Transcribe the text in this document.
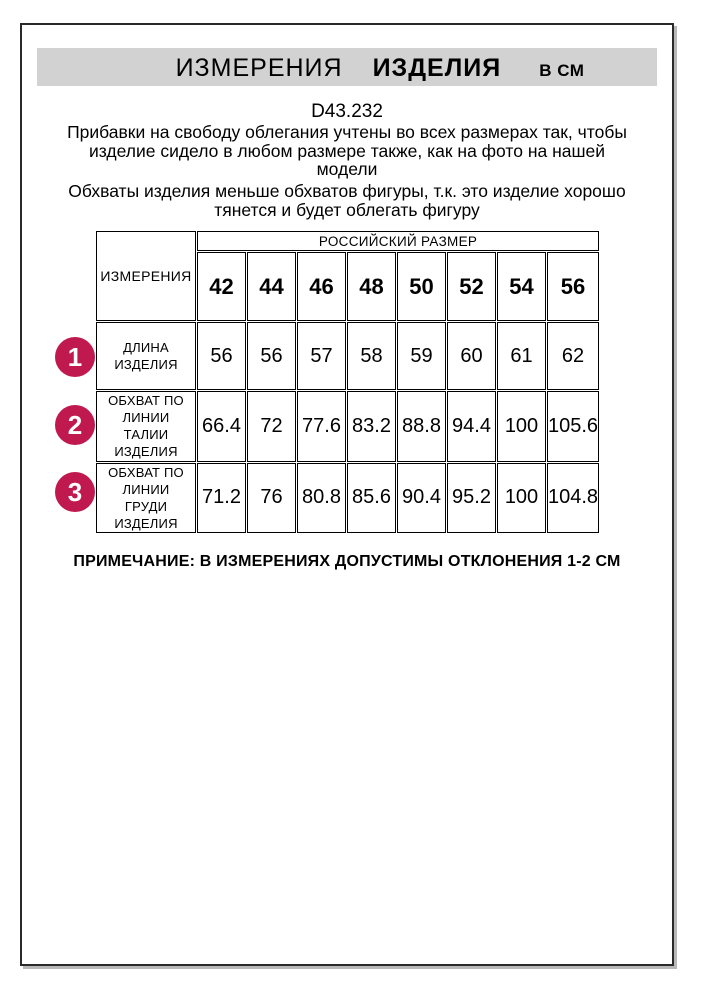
ИЗМЕРЕНИЯ ИЗДЕЛИЯ В СМ
D43.232
Прибавки на свободу облегания учтены во всех размерах так, чтобы
изделие сидело в любом размере также, как на фото на нашей
модели
Обхваты изделия меньше обхватов фигуры, т.к. это изделие хорошо
тянется и будет облегать фигуру
1
2
3
ИЗМЕРЕНИЯ	РОССИЙСКИЙ РАЗМЕР							
	42	44	46	48	50	52	54	56
ДЛИНА ИЗДЕЛИЯ	56	56	57	58	59	60	61	62
ОБХВАТ ПО ЛИНИИ ТАЛИИ ИЗДЕЛИЯ	66.4	72	77.6	83.2	88.8	94.4	100	105.6
ОБХВАТ ПО ЛИНИИ ГРУДИ ИЗДЕЛИЯ	71.2	76	80.8	85.6	90.4	95.2	100	104.8
ПРИМЕЧАНИЕ: В ИЗМЕРЕНИЯХ ДОПУСТИМЫ ОТКЛОНЕНИЯ 1-2 СМ
